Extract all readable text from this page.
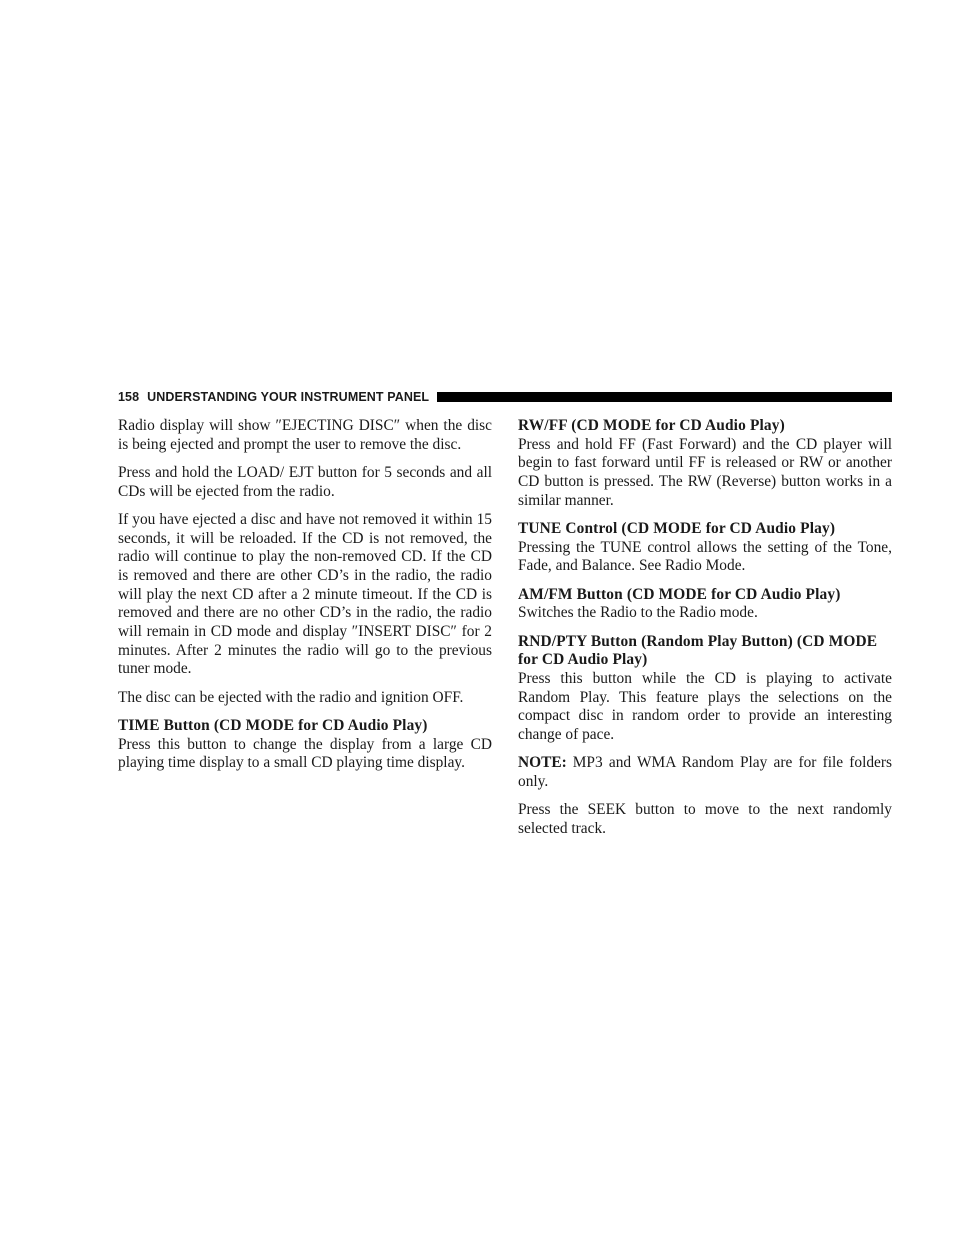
158 UNDERSTANDING YOUR INSTRUMENT PANEL

Radio display will show ″EJECTING DISC″ when the disc is being ejected and prompt the user to remove the disc.

Press and hold the LOAD/ EJT button for 5 seconds and all CDs will be ejected from the radio.

If you have ejected a disc and have not removed it within 15 seconds, it will be reloaded. If the CD is not removed, the radio will continue to play the non-removed CD. If the CD is removed and there are other CD’s in the radio, the radio will play the next CD after a 2 minute timeout. If the CD is removed and there are no other CD’s in the radio, the radio will remain in CD mode and display ″INSERT DISC″ for 2 minutes. After 2 minutes the radio will go to the previous tuner mode.

The disc can be ejected with the radio and ignition OFF.

TIME Button (CD MODE for CD Audio Play)

Press this button to change the display from a large CD playing time display to a small CD playing time display.

RW/FF (CD MODE for CD Audio Play)

Press and hold FF (Fast Forward) and the CD player will begin to fast forward until FF is released or RW or another CD button is pressed. The RW (Reverse) button works in a similar manner.

TUNE Control (CD MODE for CD Audio Play)

Pressing the TUNE control allows the setting of the Tone, Fade, and Balance. See Radio Mode.

AM/FM Button (CD MODE for CD Audio Play)

Switches the Radio to the Radio mode.

RND/PTY Button (Random Play Button) (CD MODE for CD Audio Play)

Press this button while the CD is playing to activate Random Play. This feature plays the selections on the compact disc in random order to provide an interesting change of pace.

NOTE: MP3 and WMA Random Play are for file folders only.

Press the SEEK button to move to the next randomly selected track.
